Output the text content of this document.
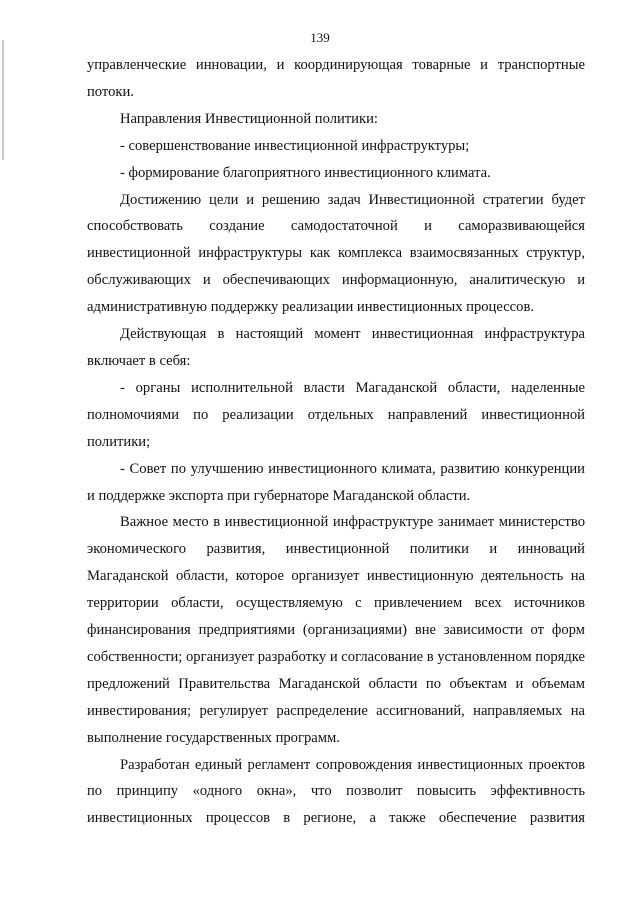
139

управленческие инновации, и координирующая товарные и транспортные потоки.

Направления Инвестиционной политики:

- совершенствование инвестиционной инфраструктуры;

- формирование благоприятного инвестиционного климата.

Достижению цели и решению задач Инвестиционной стратегии будет способствовать создание самодостаточной и саморазвивающейся инвестиционной инфраструктуры как комплекса взаимосвязанных структур, обслуживающих и обеспечивающих информационную, аналитическую и административную поддержку реализации инвестиционных процессов.

Действующая в настоящий момент инвестиционная инфраструктура включает в себя:

- органы исполнительной власти Магаданской области, наделенные полномочиями по реализации отдельных направлений инвестиционной политики;

- Совет по улучшению инвестиционного климата, развитию конкуренции и поддержке экспорта при губернаторе Магаданской области.

Важное место в инвестиционной инфраструктуре занимает министерство экономического развития, инвестиционной политики и инноваций Магаданской области, которое организует инвестиционную деятельность на территории области, осуществляемую с привлечением всех источников финансирования предприятиями (организациями) вне зависимости от форм собственности; организует разработку и согласование в установленном порядке предложений Правительства Магаданской области по объектам и объемам инвестирования; регулирует распределение ассигнований, направляемых на выполнение государственных программ.

Разработан единый регламент сопровождения инвестиционных проектов по принципу «одного окна», что позволит повысить эффективность инвестиционных процессов в регионе, а также обеспечение развития
